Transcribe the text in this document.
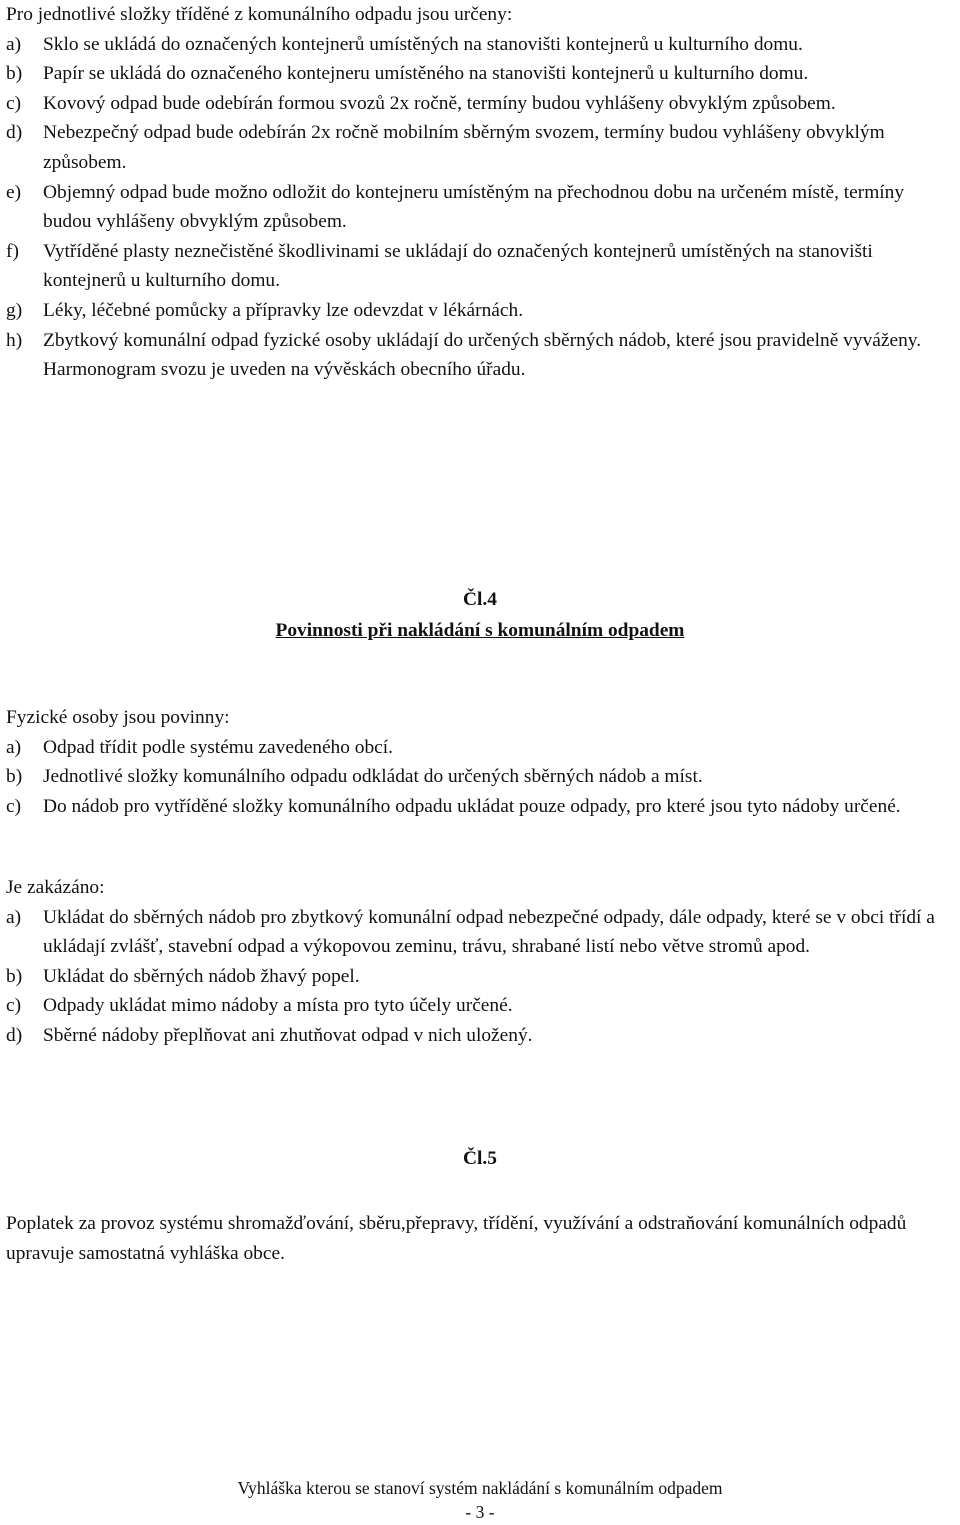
Pro jednotlivé složky tříděné z komunálního odpadu jsou určeny:

a)	Sklo se ukládá do označených kontejnerů umístěných na stanovišti kontejnerů u kulturního domu.
b)	Papír se ukládá do označeného kontejneru umístěného na stanovišti kontejnerů u kulturního domu.
c)	Kovový odpad bude odebírán formou svozů 2x ročně, termíny budou vyhlášeny obvyklým způsobem.
d)	Nebezpečný odpad bude odebírán 2x ročně mobilním sběrným svozem, termíny budou vyhlášeny obvyklým způsobem.
e)	Objemný odpad bude možno odložit do kontejneru umístěným na přechodnou dobu na určeném místě, termíny budou vyhlášeny obvyklým způsobem.
f)	Vytříděné plasty neznečistěné škodlivinami se ukládají do označených kontejnerů umístěných na stanovišti kontejnerů u kulturního domu.
g)	Léky, léčebné pomůcky a přípravky lze odevzdat v lékárnách.
h)	Zbytkový komunální odpad fyzické osoby ukládají do určených sběrných nádob, které jsou pravidelně vyváženy. Harmonogram svozu je uveden na vývěskách obecního úřadu.
Čl.4
Povinnosti při nakládání s komunálním odpadem

Fyzické osoby jsou povinny:

a)	Odpad třídit podle systému zavedeného obcí.
b)	Jednotlivé složky komunálního odpadu odkládat do určených sběrných nádob a míst.
c)	Do nádob pro vytříděné složky komunálního odpadu ukládat pouze odpady, pro které jsou tyto nádoby určené.

Je zakázáno:

a)	Ukládat do sběrných nádob pro zbytkový komunální odpad nebezpečné odpady, dále odpady, které se v obci třídí a ukládají zvlášť, stavební odpad a výkopovou zeminu, trávu, shrabané listí nebo větve stromů apod.
b)	Ukládat do sběrných nádob žhavý popel.
c)	Odpady ukládat mimo nádoby a místa pro tyto účely určené.
d)	Sběrné nádoby přeplňovat ani zhutňovat odpad v nich uložený.
Čl.5
Poplatek za provoz systému shromažďování, sběru,přepravy, třídění, využívání a odstraňování komunálních odpadů upravuje samostatná vyhláška obce.
Vyhláška kterou se stanoví systém nakládání s komunálním odpadem
- 3 -
